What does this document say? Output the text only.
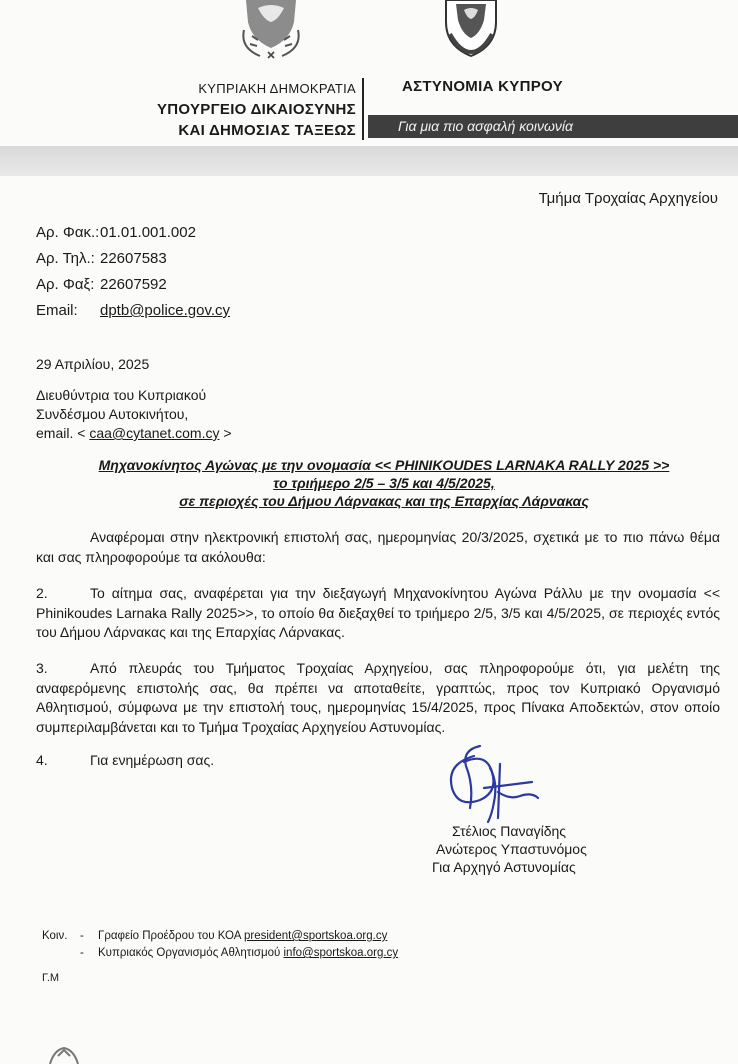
ΚΥΠΡΙΑΚΗ ΔΗΜΟΚΡΑΤΙΑ
ΥΠΟΥΡΓΕΙΟ ΔΙΚΑΙΟΣΥΝΗΣ
ΚΑΙ ΔΗΜΟΣΙΑΣ ΤΑΞΕΩΣ
ΑΣΤΥΝΟΜΙΑ ΚΥΠΡΟΥ
Για μια πιο ασφαλή κοινωνία
Τμήμα Τροχαίας Αρχηγείου
Αρ. Φακ.:01.01.001.002
Αρ. Τηλ.: 22607583
Αρ. Φαξ: 22607592
Email: dptb@police.gov.cy
29 Απριλίου, 2025
Διευθύντρια του Κυπριακού
Συνδέσμου Αυτοκινήτου,
email. < caa@cytanet.com.cy >
Μηχανοκίνητος Αγώνας με την ονομασία << PHINIKOUDES LARNAKA RALLY 2025 >>
το τριήμερο 2/5 – 3/5 και 4/5/2025,
σε περιοχές του Δήμου Λάρνακας και της Επαρχίας Λάρνακας
Αναφέρομαι στην ηλεκτρονική επιστολή σας, ημερομηνίας 20/3/2025, σχετικά με το πιο πάνω θέμα και σας πληροφορούμε τα ακόλουθα:
2.	Το αίτημα σας, αναφέρεται για την διεξαγωγή Μηχανοκίνητου Αγώνα Ράλλυ με την ονομασία << Phinikoudes Larnaka Rally 2025>>, το οποίο θα διεξαχθεί το τριήμερο 2/5, 3/5 και 4/5/2025, σε περιοχές εντός του Δήμου Λάρνακας και της Επαρχίας Λάρνακας.
3.	Από πλευράς του Τμήματος Τροχαίας Αρχηγείου, σας πληροφορούμε ότι, για μελέτη της αναφερόμενης επιστολής σας, θα πρέπει να αποταθείτε, γραπτώς, προς τον Κυπριακό Οργανισμό Αθλητισμού, σύμφωνα με την επιστολή τους, ημερομηνίας 15/4/2025, προς Πίνακα Αποδεκτών, στον οποίο συμπεριλαμβάνεται και το Τμήμα Τροχαίας Αρχηγείου Αστυνομίας.
4.	Για ενημέρωση σας.
Στέλιος Παναγίδης
Ανώτερος Υπαστυνόμος
Για Αρχηγό Αστυνομίας
Κοιν. - Γραφείο Προέδρου του ΚΟΑ president@sportskoa.org.cy
- Κυπριακός Οργανισμός Αθλητισμού info@sportskoa.org.cy
Γ.Μ
